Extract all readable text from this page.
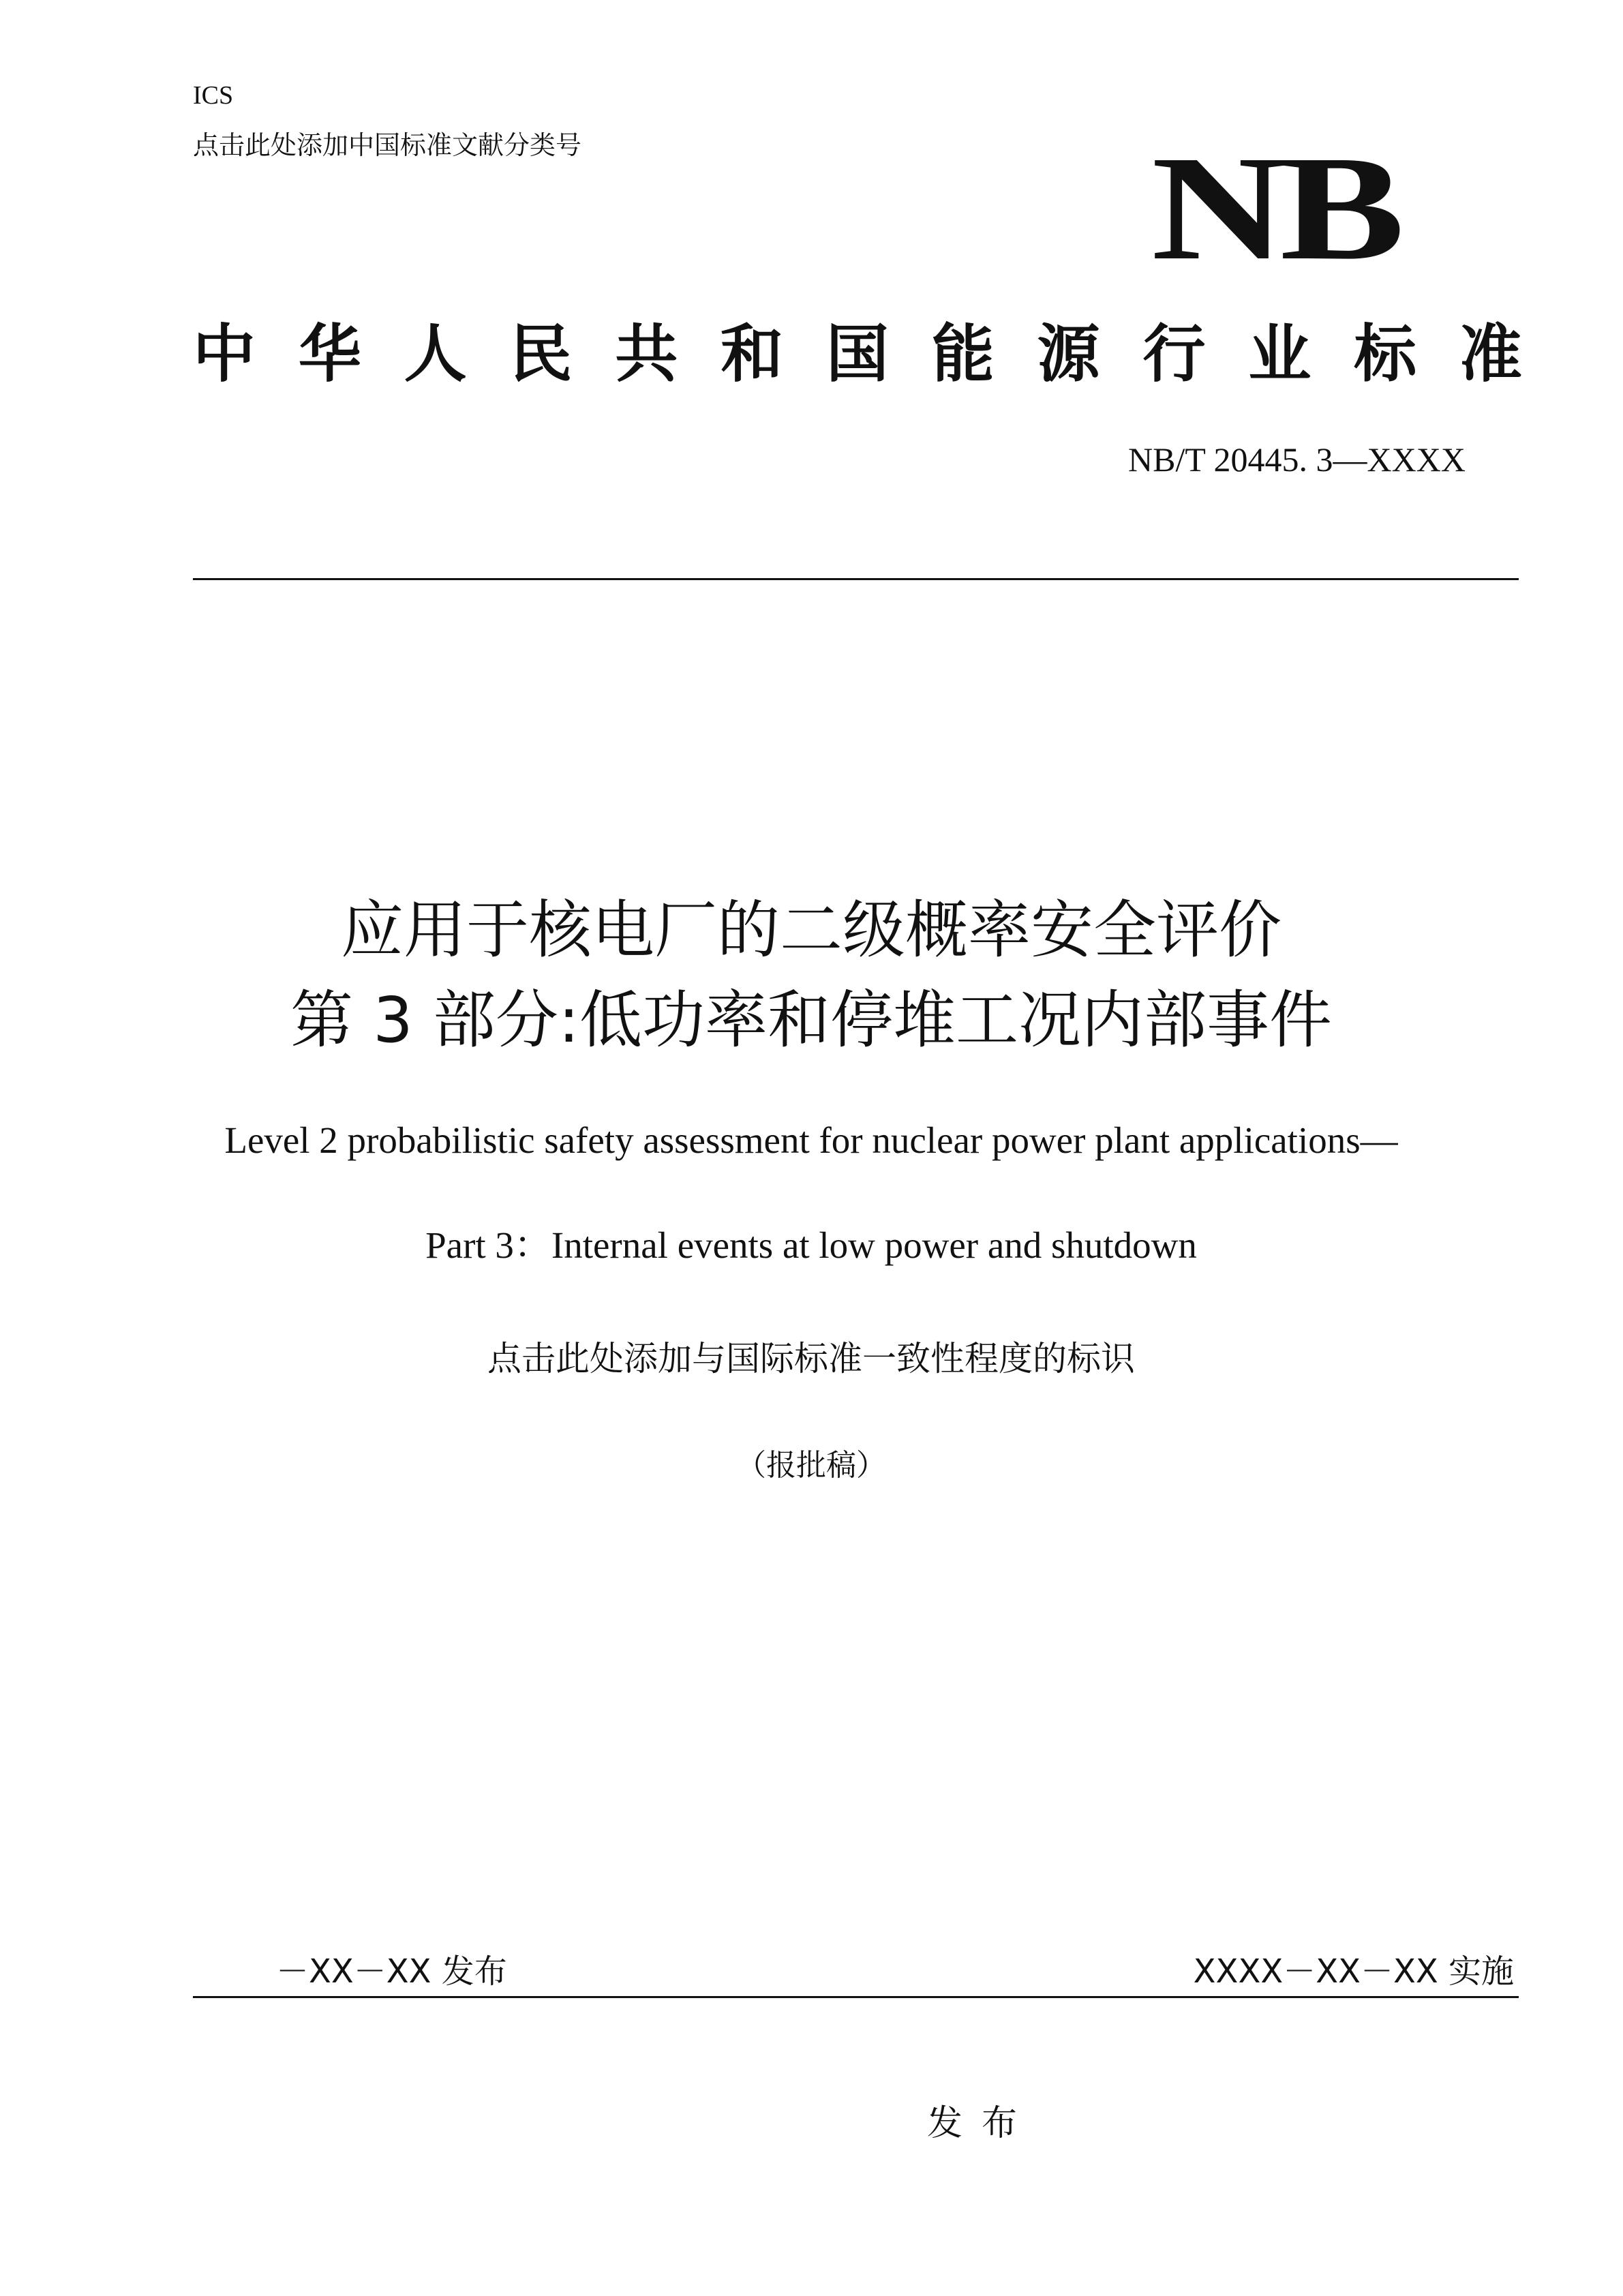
ICS
点击此处添加中国标准文献分类号	NB
中 华 人 民 共 和 国 能 源 行 业 标 准
NB/T 20445. 3—XXXX
应用于核电厂的二级概率安全评价
第 3 部分:低功率和停堆工况内部事件
Level 2 probabilistic safety assessment for nuclear power plant applications—
Part 3：Internal events at low power and shutdown
点击此处添加与国际标准一致性程度的标识
（报批稿）
－XX－XX 发布	XXXX－XX－XX 实施
发布
